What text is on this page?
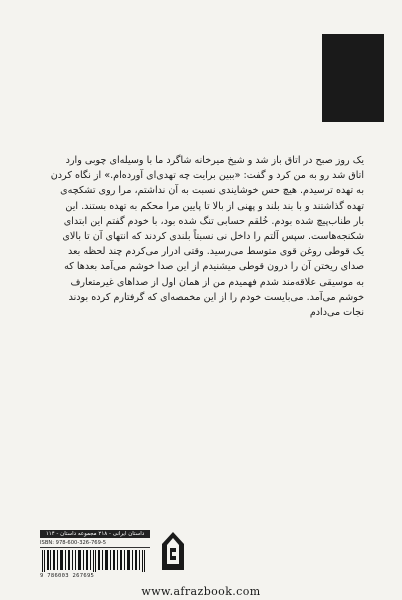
یک روز صبح در اتاق باز شد و شیخ میرخانه شاگرد ما با وسیله‌ای چوبی وارد
اتاق شد رو به من کرد و گفت: «ببین برایت چه تهدی‌ای آورده‌ام.» از نگاه کردن
به تهده ترسیدم. هیچ حس خوشایندی نسبت به آن نداشتم، مرا روی تشکچه‌ی
تهده گذاشتند و با بند بلند و پهنی از بالا تا پایین مرا محکم به تهده بستند. این
بار طناب‌پیچ شده بودم. خُلقم حسابی تنگ شده بود، با خودم گفتم این ابتدای
شکنجه‌هاست. سپس آلتم را داخل نی نسبتاً بلندی کردند که انتهای آن تا بالای
یک قوطی روغن قوی متوسط می‌رسید. وقتی ادرار می‌کردم چند لحظه بعد
صدای ریختن آن را درون قوطی میشنیدم از این صدا خوشم می‌آمد بعدها که
به موسیقی علاقه‌مند شدم فهمیدم من از همان اول از صداهای غیرمتعارف
خوشم می‌آمد. می‌بایست خودم را از این مخمصه‌ای که گرفتارم کرده بودند
نجات می‌دادم
داستان ایرانی - ۲۱۸ مجموعه داستان - ۱۱۴
ISBN: 978-600-326-769-5
9 786003 267695
www.afrazbook.com
